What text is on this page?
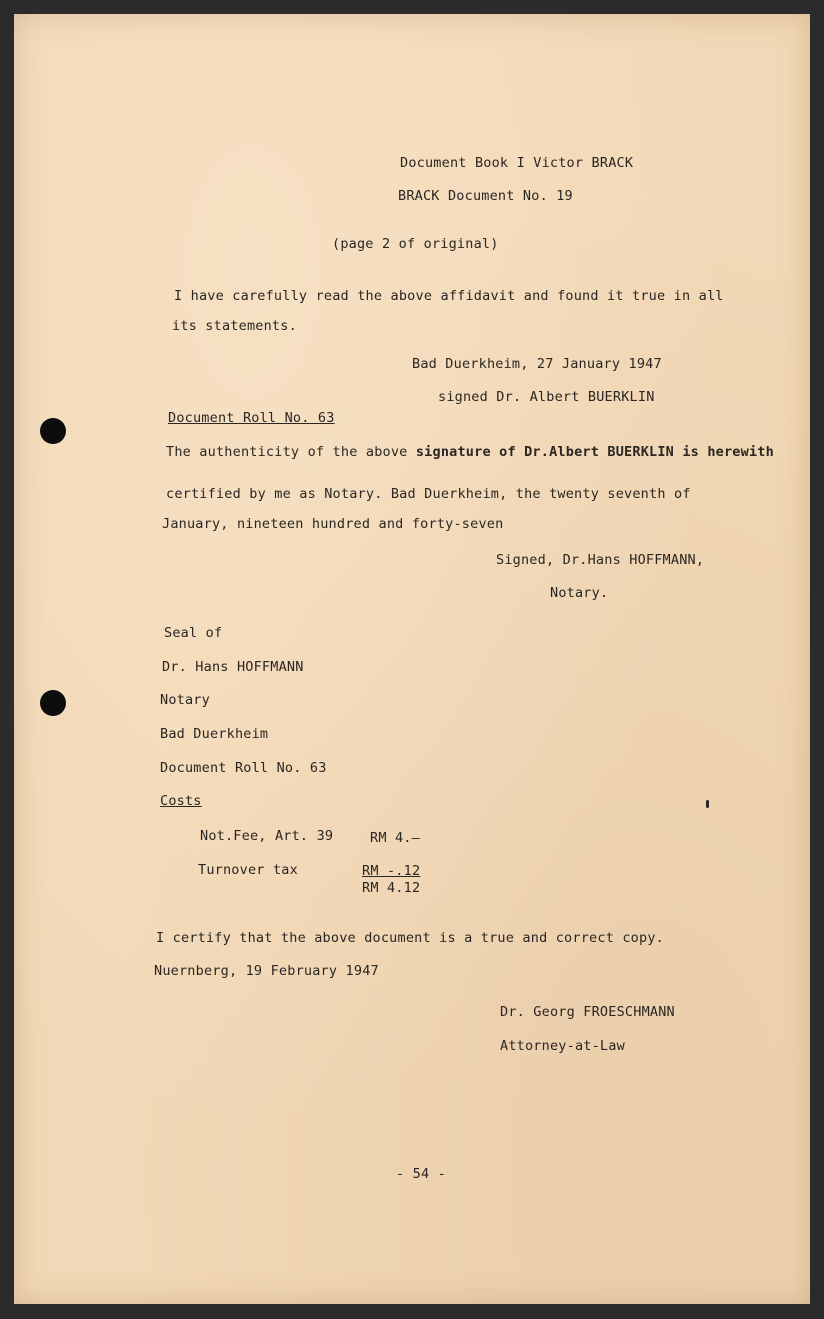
Document Book I Victor BRACK
BRACK Document No. 19
(page 2 of original)
I have carefully read the above affidavit and found it true in all
its statements.
Bad Duerkheim, 27 January 1947
signed Dr. Albert BUERKLIN
Document Roll No. 63
The authenticity of the above signature of Dr.Albert BUERKLIN is herewith
certified by me as Notary. Bad Duerkheim, the twenty seventh of
January, nineteen hundred and forty-seven
Signed, Dr.Hans HOFFMANN,
Notary.
Seal of
Dr. Hans HOFFMANN
Notary
Bad Duerkheim
Document Roll No. 63
Costs
Not.Fee, Art. 39	RM 4.—
Turnover tax	RM -.12
RM 4.12
I certify that the above document is a true and correct copy.
Nuernberg, 19 February 1947
Dr. Georg FROESCHMANN
Attorney-at-Law
- 54 -
